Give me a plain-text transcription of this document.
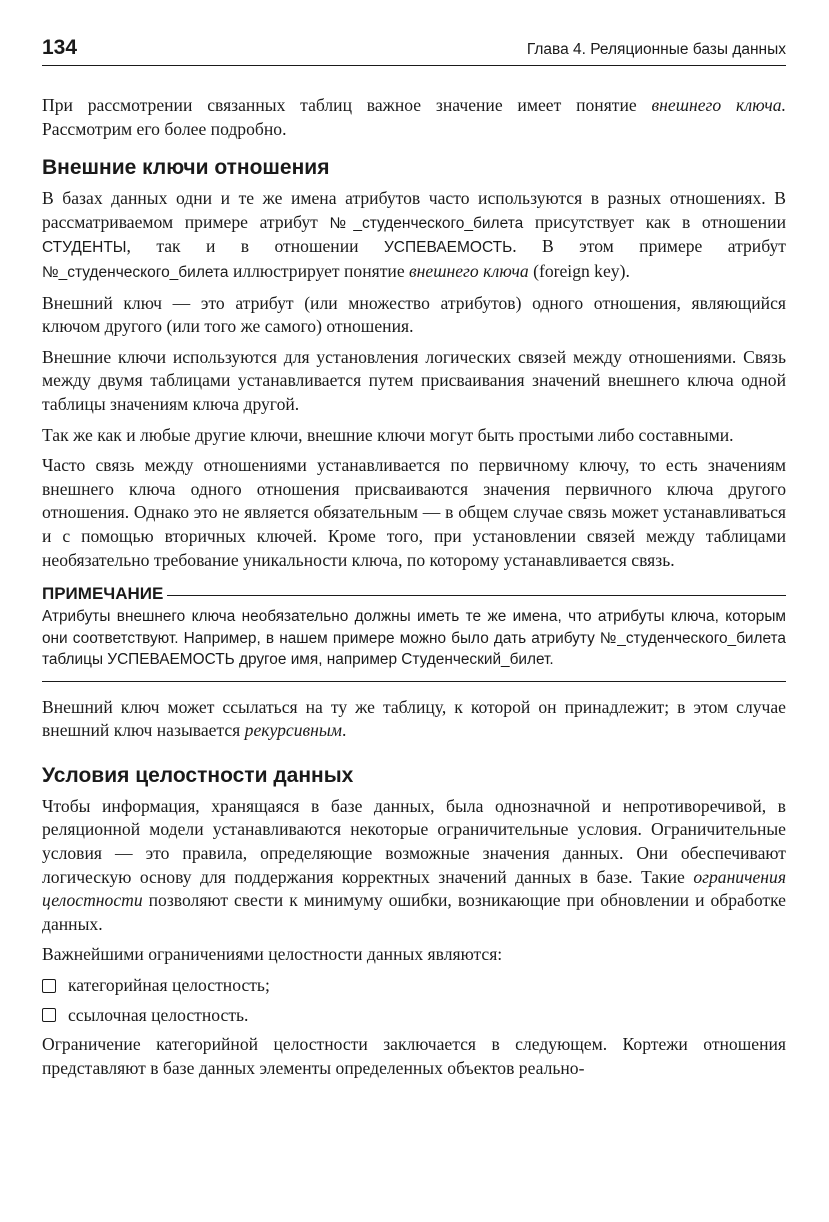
134	Глава 4. Реляционные базы данных

При рассмотрении связанных таблиц важное значение имеет понятие внешнего ключа. Рассмотрим его более подробно.

Внешние ключи отношения

В базах данных одни и те же имена атрибутов часто используются в разных отношениях. В рассматриваемом примере атрибут №_студенческого_билета присутствует как в отношении СТУДЕНТЫ, так и в отношении УСПЕВАЕМОСТЬ. В этом примере атрибут №_студенческого_билета иллюстрирует понятие внешнего ключа (foreign key).

Внешний ключ — это атрибут (или множество атрибутов) одного отношения, являющийся ключом другого (или того же самого) отношения.

Внешние ключи используются для установления логических связей между отношениями. Связь между двумя таблицами устанавливается путем присваивания значений внешнего ключа одной таблицы значениям ключа другой.

Так же как и любые другие ключи, внешние ключи могут быть простыми либо составными.

Часто связь между отношениями устанавливается по первичному ключу, то есть значениям внешнего ключа одного отношения присваиваются значения первичного ключа другого отношения. Однако это не является обязательным — в общем случае связь может устанавливаться и с помощью вторичных ключей. Кроме того, при установлении связей между таблицами необязательно требование уникальности ключа, по которому устанавливается связь.

ПРИМЕЧАНИЕ
Атрибуты внешнего ключа необязательно должны иметь те же имена, что атрибуты ключа, которым они соответствуют. Например, в нашем примере можно было дать атрибуту №_студенческого_билета таблицы УСПЕВАЕМОСТЬ другое имя, например Студенческий_билет.

Внешний ключ может ссылаться на ту же таблицу, к которой он принадлежит; в этом случае внешний ключ называется рекурсивным.

Условия целостности данных

Чтобы информация, хранящаяся в базе данных, была однозначной и непротиворечивой, в реляционной модели устанавливаются некоторые ограничительные условия. Ограничительные условия — это правила, определяющие возможные значения данных. Они обеспечивают логическую основу для поддержания корректных значений данных в базе. Такие ограничения целостности позволяют свести к минимуму ошибки, возникающие при обновлении и обработке данных.

Важнейшими ограничениями целостности данных являются:

категорийная целостность;
ссылочная целостность.

Ограничение категорийной целостности заключается в следующем. Кортежи отношения представляют в базе данных элементы определенных объектов реально-
